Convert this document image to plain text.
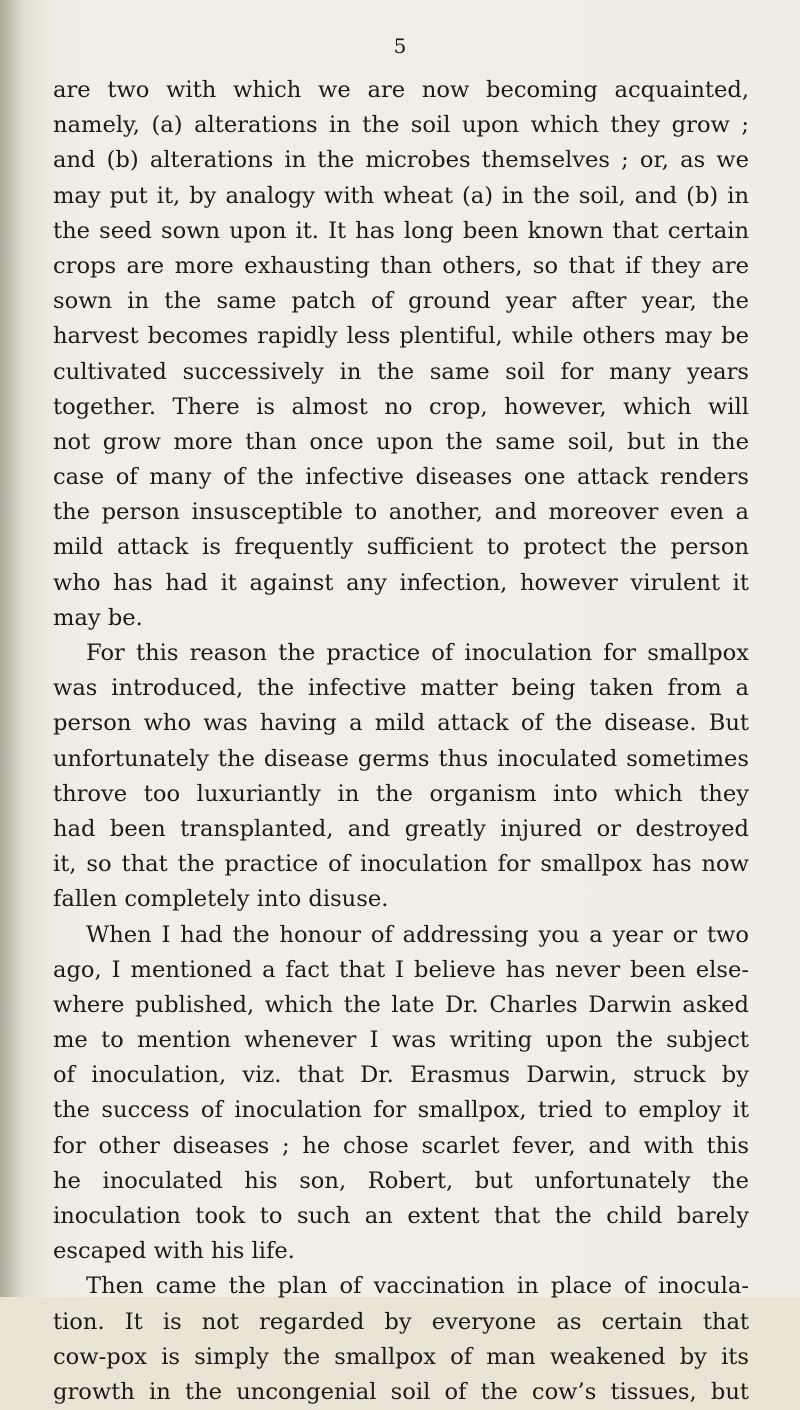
5
are two with which we are now becoming acquainted,
namely, (a) alterations in the soil upon which they grow ;
and (b) alterations in the microbes themselves ; or, as we
may put it, by analogy with wheat (a) in the soil, and (b) in
the seed sown upon it. It has long been known that certain
crops are more exhausting than others, so that if they are
sown in the same patch of ground year after year, the
harvest becomes rapidly less plentiful, while others may be
cultivated successively in the same soil for many years
together. There is almost no crop, however, which will
not grow more than once upon the same soil, but in the
case of many of the infective diseases one attack renders
the person insusceptible to another, and moreover even a
mild attack is frequently sufficient to protect the person
who has had it against any infection, however virulent it
may be.
For this reason the practice of inoculation for smallpox
was introduced, the infective matter being taken from a
person who was having a mild attack of the disease. But
unfortunately the disease germs thus inoculated sometimes
throve too luxuriantly in the organism into which they
had been transplanted, and greatly injured or destroyed
it, so that the practice of inoculation for smallpox has now
fallen completely into disuse.
When I had the honour of addressing you a year or two
ago, I mentioned a fact that I believe has never been else-
where published, which the late Dr. Charles Darwin asked
me to mention whenever I was writing upon the subject
of inoculation, viz. that Dr. Erasmus Darwin, struck by
the success of inoculation for smallpox, tried to employ it
for other diseases ; he chose scarlet fever, and with this
he inoculated his son, Robert, but unfortunately the
inoculation took to such an extent that the child barely
escaped with his life.
Then came the plan of vaccination in place of inocula-
tion. It is not regarded by everyone as certain that
cow-pox is simply the smallpox of man weakened by its
growth in the uncongenial soil of the cow’s tissues, but
